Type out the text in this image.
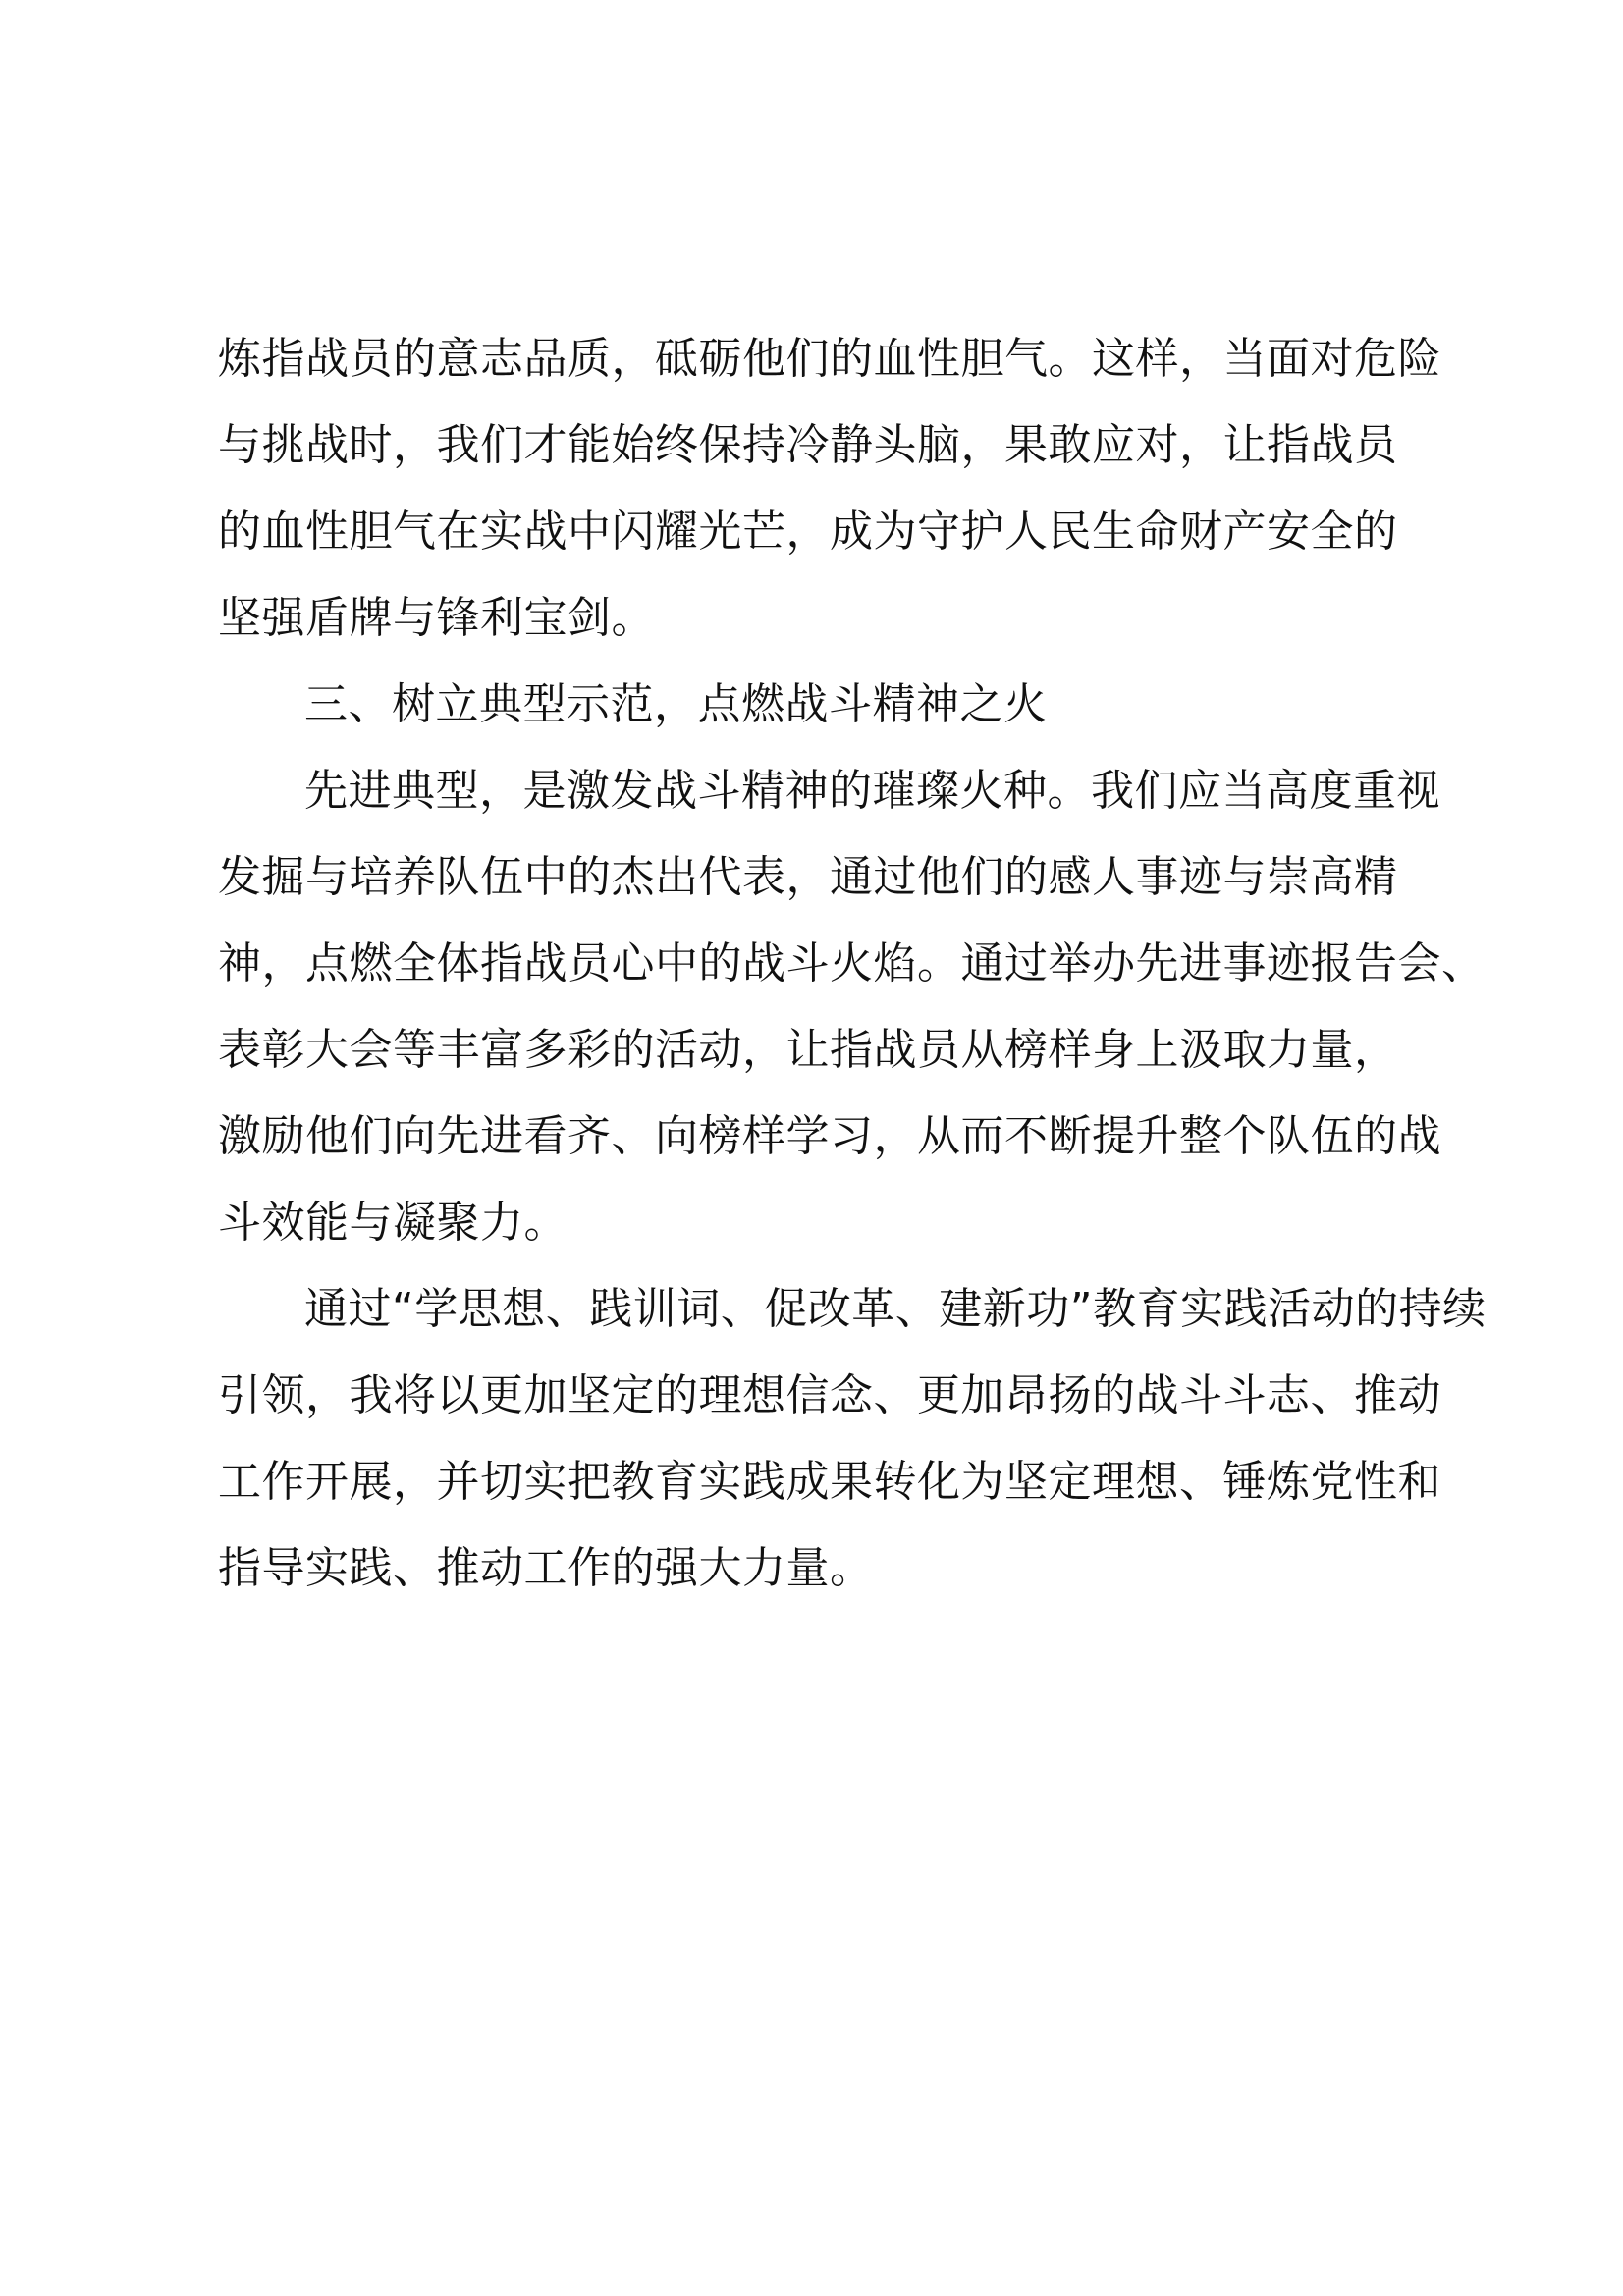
炼指战员的意志品质，砥砺他们的血性胆气。这样，当面对危险
与挑战时，我们才能始终保持冷静头脑，果敢应对，让指战员
的血性胆气在实战中闪耀光芒，成为守护人民生命财产安全的
坚强盾牌与锋利宝剑。
三、树立典型示范，点燃战斗精神之火
先进典型，是激发战斗精神的璀璨火种。我们应当高度重视
发掘与培养队伍中的杰出代表，通过他们的感人事迹与崇高精
神，点燃全体指战员心中的战斗火焰。通过举办先进事迹报告会、
表彰大会等丰富多彩的活动，让指战员从榜样身上汲取力量，
激励他们向先进看齐、向榜样学习，从而不断提升整个队伍的战
斗效能与凝聚力。
通过“学思想、践训词、促改革、建新功”教育实践活动的持续
引领，我将以更加坚定的理想信念、更加昂扬的战斗斗志、推动
工作开展，并切实把教育实践成果转化为坚定理想、锤炼党性和
指导实践、推动工作的强大力量。
